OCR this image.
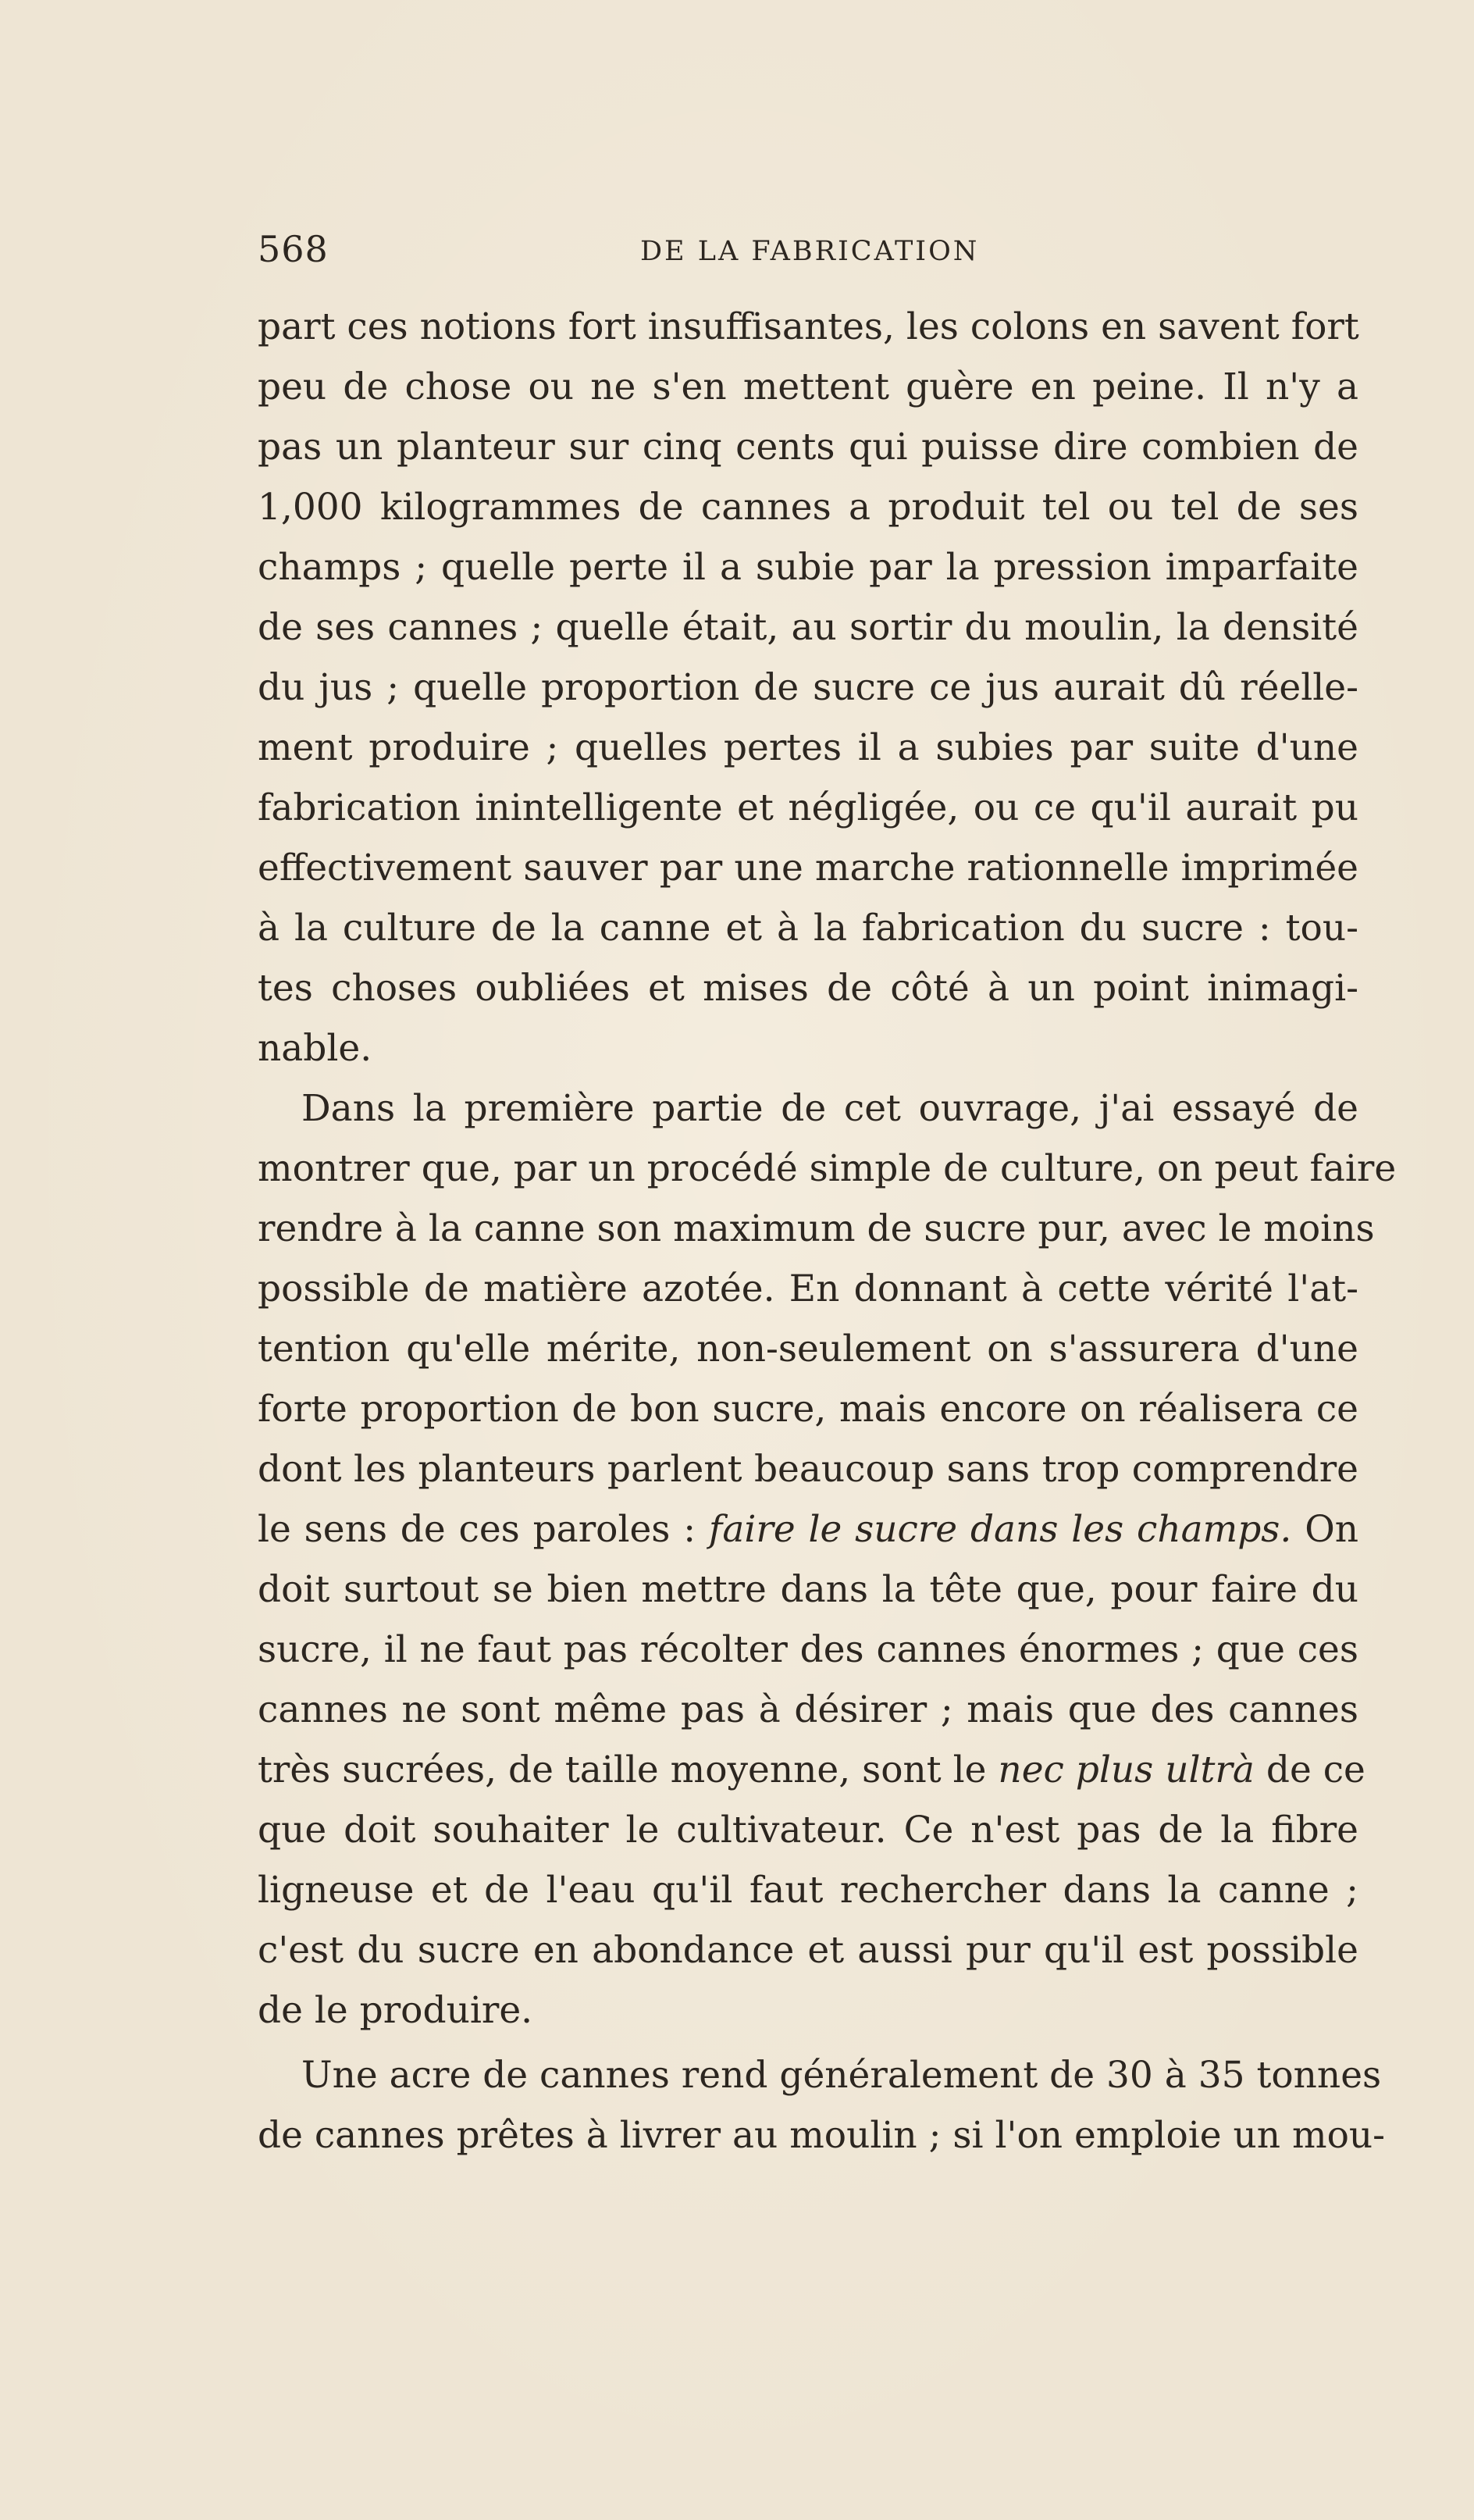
568	DE LA FABRICATION
part ces notions fort insuffisantes, les colons en savent fort
peu de chose ou ne s'en mettent guère en peine. Il n'y a
pas un planteur sur cinq cents qui puisse dire combien de
1,000 kilogrammes de cannes a produit tel ou tel de ses
champs ; quelle perte il a subie par la pression imparfaite
de ses cannes ; quelle était, au sortir du moulin, la densité
du jus ; quelle proportion de sucre ce jus aurait dû réelle-
ment produire ; quelles pertes il a subies par suite d'une
fabrication inintelligente et négligée, ou ce qu'il aurait pu
effectivement sauver par une marche rationnelle imprimée
à la culture de la canne et à la fabrication du sucre : tou-
tes choses oubliées et mises de côté à un point inimagi-
nable.
Dans la première partie de cet ouvrage, j'ai essayé de
montrer que, par un procédé simple de culture, on peut faire
rendre à la canne son maximum de sucre pur, avec le moins
possible de matière azotée. En donnant à cette vérité l'at-
tention qu'elle mérite, non-seulement on s'assurera d'une
forte proportion de bon sucre, mais encore on réalisera ce
dont les planteurs parlent beaucoup sans trop comprendre
le sens de ces paroles : faire le sucre dans les champs. On
doit surtout se bien mettre dans la tête que, pour faire du
sucre, il ne faut pas récolter des cannes énormes ; que ces
cannes ne sont même pas à désirer ; mais que des cannes
très sucrées, de taille moyenne, sont le nec plus ultrà de ce
que doit souhaiter le cultivateur. Ce n'est pas de la fibre
ligneuse et de l'eau qu'il faut rechercher dans la canne ;
c'est du sucre en abondance et aussi pur qu'il est possible
de le produire.
Une acre de cannes rend généralement de 30 à 35 tonnes
de cannes prêtes à livrer au moulin ; si l'on emploie un mou-
